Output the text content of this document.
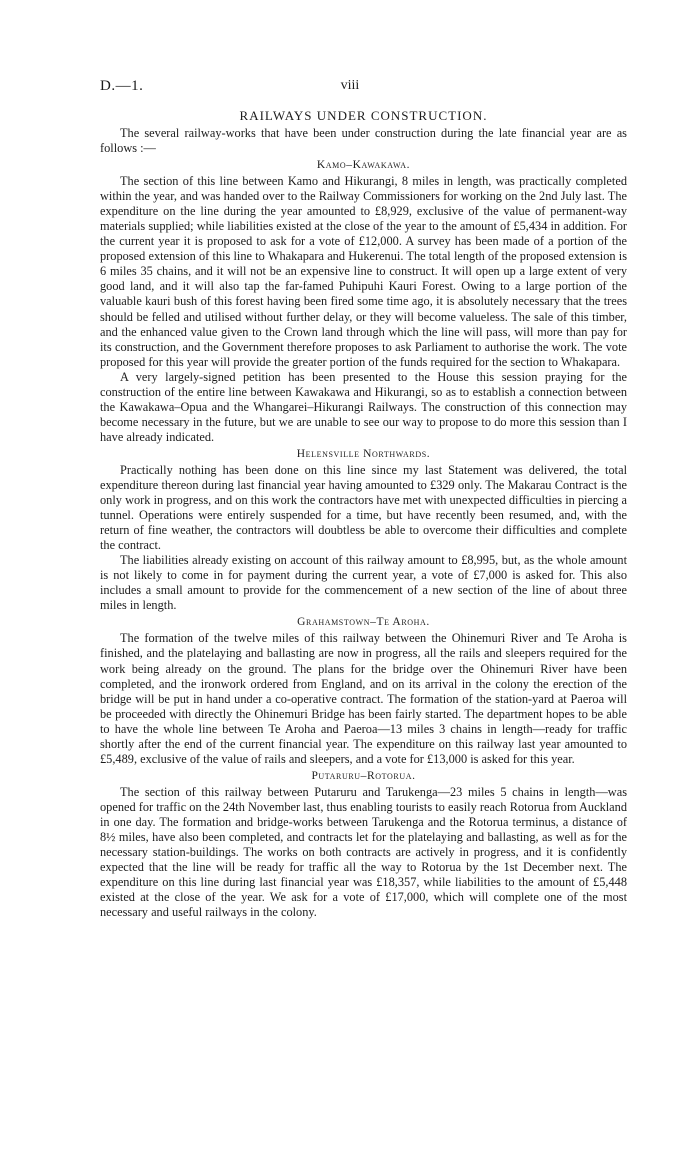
D.—1.	viii
RAILWAYS UNDER CONSTRUCTION.

The several railway-works that have been under construction during the late financial year are as follows :—

Kamo–Kawakawa.

The section of this line between Kamo and Hikurangi, 8 miles in length, was practically completed within the year, and was handed over to the Railway Commissioners for working on the 2nd July last. The expenditure on the line during the year amounted to £8,929, exclusive of the value of permanent-way materials supplied; while liabilities existed at the close of the year to the amount of £5,434 in addition. For the current year it is proposed to ask for a vote of £12,000. A survey has been made of a portion of the proposed extension of this line to Whakapara and Hukerenui. The total length of the proposed extension is 6 miles 35 chains, and it will not be an expensive line to construct. It will open up a large extent of very good land, and it will also tap the far-famed Puhipuhi Kauri Forest. Owing to a large portion of the valuable kauri bush of this forest having been fired some time ago, it is absolutely necessary that the trees should be felled and utilised without further delay, or they will become valueless. The sale of this timber, and the enhanced value given to the Crown land through which the line will pass, will more than pay for its construction, and the Government therefore proposes to ask Parliament to authorise the work. The vote proposed for this year will provide the greater portion of the funds required for the section to Whakapara.

A very largely-signed petition has been presented to the House this session praying for the construction of the entire line between Kawakawa and Hikurangi, so as to establish a connection between the Kawakawa–Opua and the Whangarei–Hikurangi Railways. The construction of this connection may become necessary in the future, but we are unable to see our way to propose to do more this session than I have already indicated.

Helensville Northwards.

Practically nothing has been done on this line since my last Statement was delivered, the total expenditure thereon during last financial year having amounted to £329 only. The Makarau Contract is the only work in progress, and on this work the contractors have met with unexpected difficulties in piercing a tunnel. Operations were entirely suspended for a time, but have recently been resumed, and, with the return of fine weather, the contractors will doubtless be able to overcome their difficulties and complete the contract.

The liabilities already existing on account of this railway amount to £8,995, but, as the whole amount is not likely to come in for payment during the current year, a vote of £7,000 is asked for. This also includes a small amount to provide for the commencement of a new section of the line of about three miles in length.

Grahamstown–Te Aroha.

The formation of the twelve miles of this railway between the Ohinemuri River and Te Aroha is finished, and the platelaying and ballasting are now in progress, all the rails and sleepers required for the work being already on the ground. The plans for the bridge over the Ohinemuri River have been completed, and the ironwork ordered from England, and on its arrival in the colony the erection of the bridge will be put in hand under a co-operative contract. The formation of the station-yard at Paeroa will be proceeded with directly the Ohinemuri Bridge has been fairly started. The department hopes to be able to have the whole line between Te Aroha and Paeroa—13 miles 3 chains in length—ready for traffic shortly after the end of the current financial year. The expenditure on this railway last year amounted to £5,489, exclusive of the value of rails and sleepers, and a vote for £13,000 is asked for this year.

Putaruru–Rotorua.

The section of this railway between Putaruru and Tarukenga—23 miles 5 chains in length—was opened for traffic on the 24th November last, thus enabling tourists to easily reach Rotorua from Auckland in one day. The formation and bridge-works between Tarukenga and the Rotorua terminus, a distance of 8½ miles, have also been completed, and contracts let for the platelaying and ballasting, as well as for the necessary station-buildings. The works on both contracts are actively in progress, and it is confidently expected that the line will be ready for traffic all the way to Rotorua by the 1st December next. The expenditure on this line during last financial year was £18,357, while liabilities to the amount of £5,448 existed at the close of the year. We ask for a vote of £17,000, which will complete one of the most necessary and useful railways in the colony.
